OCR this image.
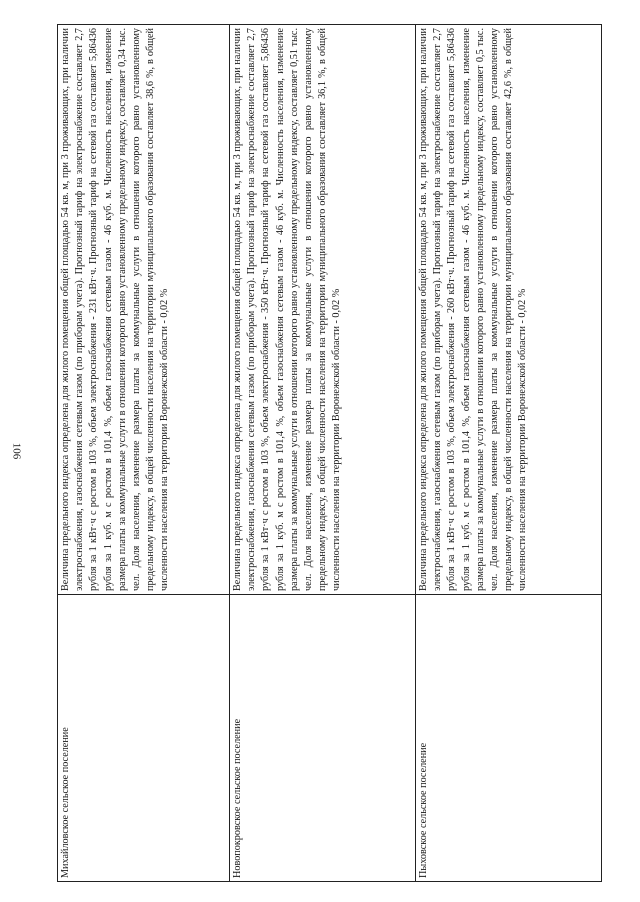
106
Михайловское сельское поселение	Величина предельного индекса определена для жилого помещения общей площадью 54 кв. м, при 3 проживающих, при наличии электроснабжения, газоснабжения сетевым газом (по приборам учета). Прогнозный тариф на электроснабжение составляет 2,7 рубля за 1 кВт·ч с ростом в 103 %, объем электроснабжения - 231 кВт·ч. Прогнозный тариф на сетевой газ составляет 5,86436 рубля за 1 куб. м с ростом в 101,4 %, объем газоснабжения сетевым газом - 46 куб. м. Численность населения, изменение размера платы за коммунальные услуги в отношении которого равно установленному предельному индексу, составляет 0,34 тыс. чел. Доля населения, изменение размера платы за коммунальные услуги в отношении которого равно установленному предельному индексу, в общей численности населения на территории муниципального образования составляет 38,6 %, в общей численности населения на территории Воронежской области - 0,02 %
Новопокровское сельское поселение	Величина предельного индекса определена для жилого помещения общей площадью 54 кв. м, при 3 проживающих, при наличии электроснабжения, газоснабжения сетевым газом (по приборам учета). Прогнозный тариф на электроснабжение составляет 2,7 рубля за 1 кВт·ч с ростом в 103 %, объем электроснабжения - 350 кВт·ч. Прогнозный тариф на сетевой газ составляет 5,86436 рубля за 1 куб. м с ростом в 101,4 %, объем газоснабжения сетевым газом - 46 куб. м. Численность населения, изменение размера платы за коммунальные услуги в отношении которого равно установленному предельному индексу, составляет 0,51 тыс. чел. Доля населения, изменение размера платы за коммунальные услуги в отношении которого равно установленному предельному индексу, в общей численности населения на территории муниципального образования составляет 36,1 %, в общей численности населения на территории Воронежской области - 0,02 %
Пыховское сельское поселение	Величина предельного индекса определена для жилого помещения общей площадью 54 кв. м, при 3 проживающих, при наличии электроснабжения, газоснабжения сетевым газом (по приборам учета). Прогнозный тариф на электроснабжение составляет 2,7 рубля за 1 кВт·ч с ростом в 103 %, объем электроснабжения - 260 кВт·ч. Прогнозный тариф на сетевой газ составляет 5,86436 рубля за 1 куб. м с ростом в 101,4 %, объем газоснабжения сетевым газом - 46 куб. м. Численность населения, изменение размера платы за коммунальные услуги в отношении которого равно установленному предельному индексу, составляет 0,5 тыс. чел. Доля населения, изменение размера платы за коммунальные услуги в отношении которого равно установленному предельному индексу, в общей численности населения на территории муниципального образования составляет 42,6 %, в общей численности населения на территории Воронежской области - 0,02 %
